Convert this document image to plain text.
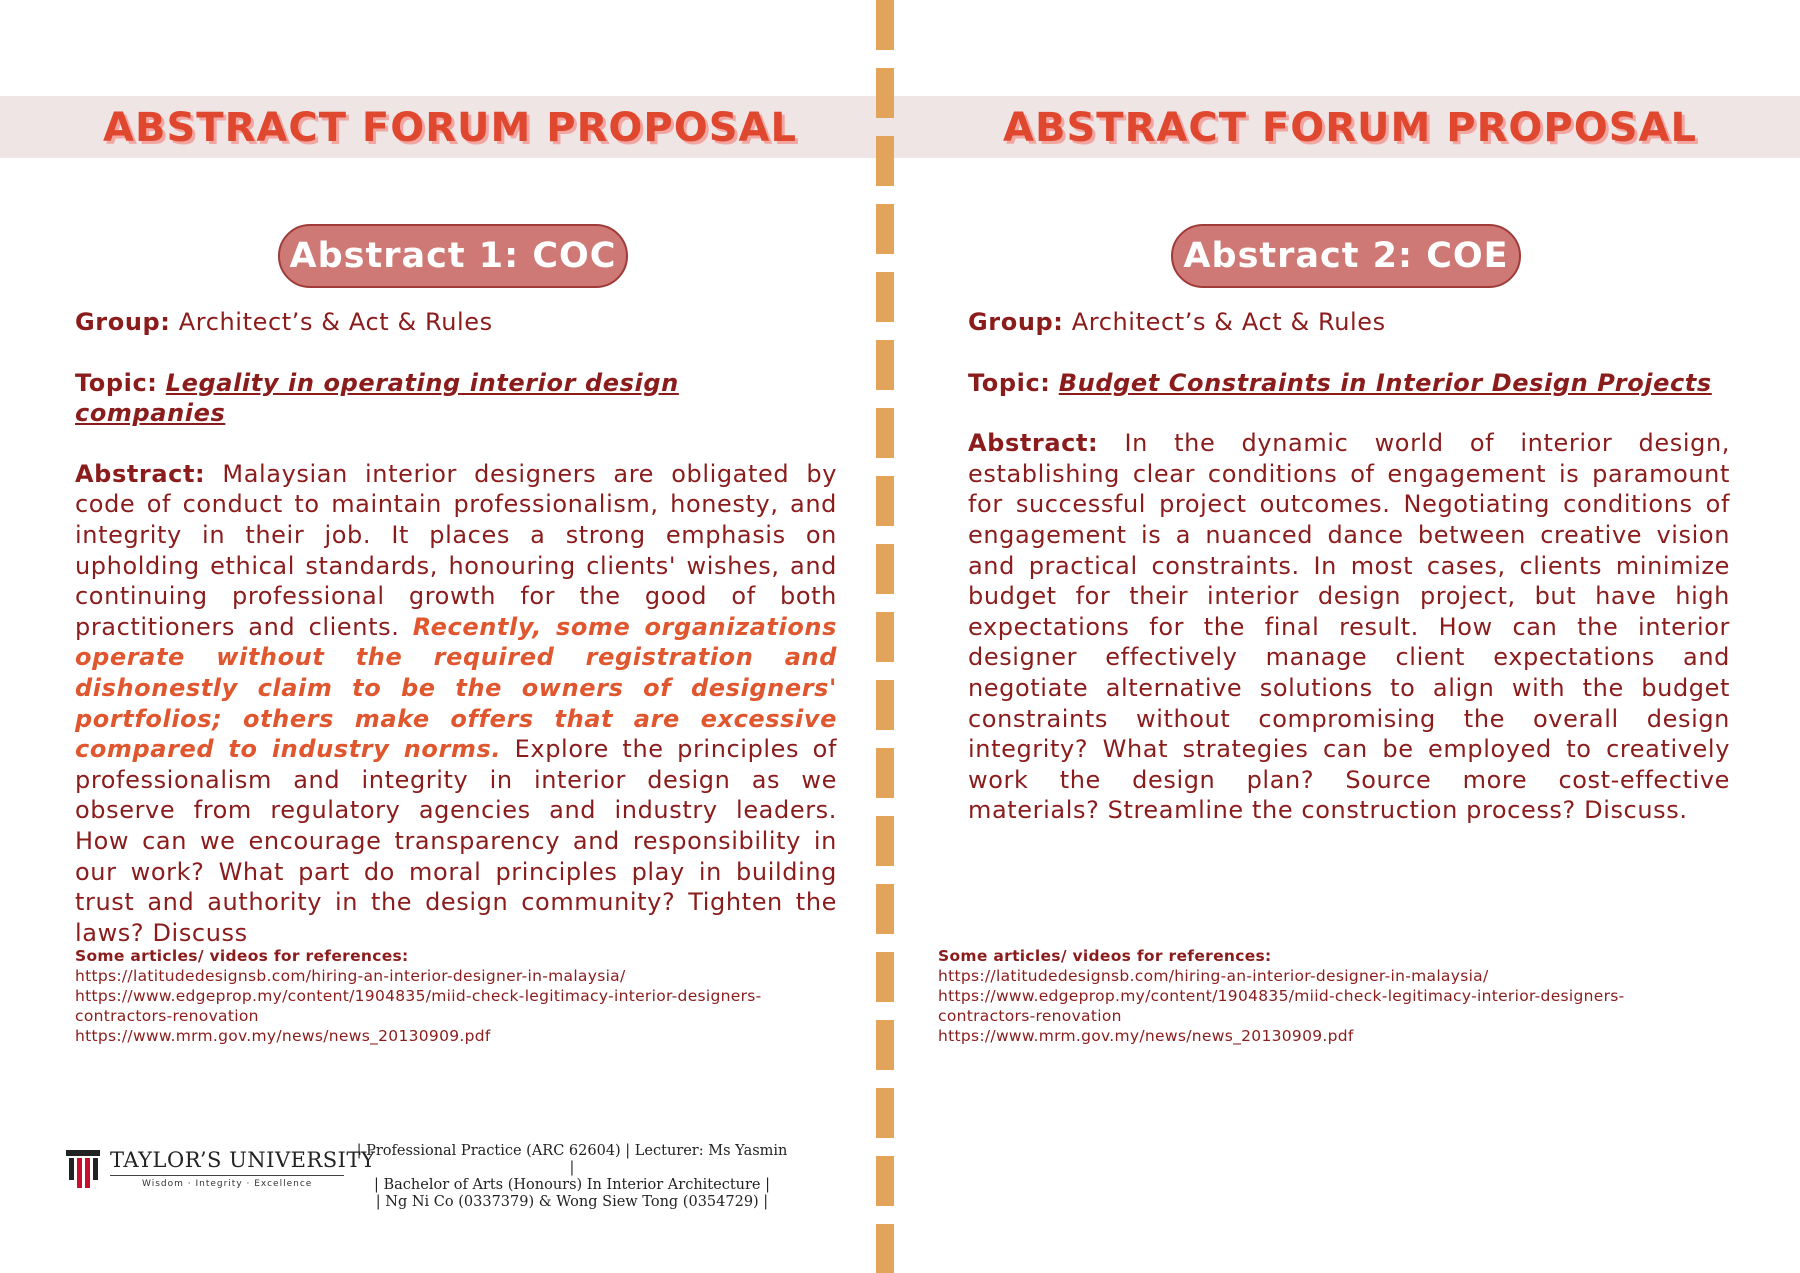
ABSTRACT FORUM PROPOSAL	ABSTRACT FORUM PROPOSAL
Abstract 1: COC

Group: Architect’s & Act & Rules

Topic: Legality in operating interior design companies

Abstract: Malaysian interior designers are obligated by code of conduct to maintain professionalism, honesty, and integrity in their job. It places a strong emphasis on upholding ethical standards, honouring clients' wishes, and continuing professional growth for the good of both practitioners and clients. Recently, some organizations operate without the required registration and dishonestly claim to be the owners of designers' portfolios; others make offers that are excessive compared to industry norms. Explore the principles of professionalism and integrity in interior design as we observe from regulatory agencies and industry leaders. How can we encourage transparency and responsibility in our work? What part do moral principles play in building trust and authority in the design community? Tighten the laws? Discuss

Some articles/ videos for references:
https://latitudedesignsb.com/hiring-an-interior-designer-in-malaysia/
https://www.edgeprop.my/content/1904835/miid-check-legitimacy-interior-designers-contractors-renovation
https://www.mrm.gov.my/news/news_20130909.pdf
Abstract 2: COE

Group: Architect’s & Act & Rules

Topic: Budget Constraints in Interior Design Projects

Abstract: In the dynamic world of interior design, establishing clear conditions of engagement is paramount for successful project outcomes. Negotiating conditions of engagement is a nuanced dance between creative vision and practical constraints. In most cases, clients minimize budget for their interior design project, but have high expectations for the final result. How can the interior designer effectively manage client expectations and negotiate alternative solutions to align with the budget constraints without compromising the overall design integrity? What strategies can be employed to creatively work the design plan? Source more cost-effective materials? Streamline the construction process? Discuss.

Some articles/ videos for references:
https://latitudedesignsb.com/hiring-an-interior-designer-in-malaysia/
https://www.edgeprop.my/content/1904835/miid-check-legitimacy-interior-designers-contractors-renovation
https://www.mrm.gov.my/news/news_20130909.pdf
TAYLOR’S UNIVERSITY
Wisdom · Integrity · Excellence
| Professional Practice (ARC 62604) | Lecturer: Ms Yasmin |
| Bachelor of Arts (Honours) In Interior Architecture |
| Ng Ni Co (0337379) & Wong Siew Tong (0354729) |
